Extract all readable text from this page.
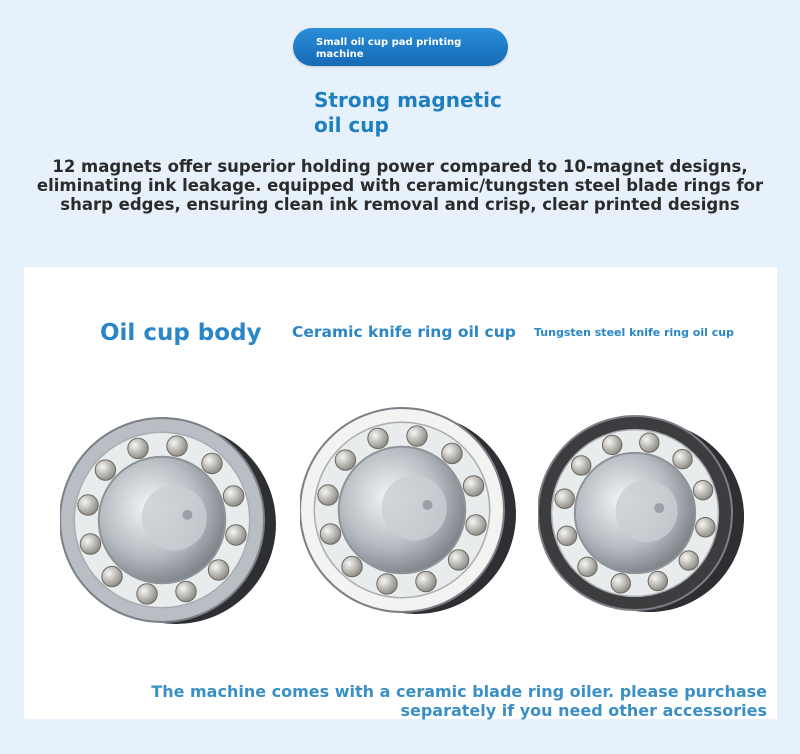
Small oil cup pad printing machine
Strong magnetic oil cup
12 magnets offer superior holding power compared to 10-magnet designs, eliminating ink leakage. equipped with ceramic/tungsten steel blade rings for sharp edges, ensuring clean ink removal and crisp, clear printed designs
Oil cup body Ceramic knife ring oil cup Tungsten steel knife ring oil cup
The machine comes with a ceramic blade ring oiler. please purchase separately if you need other accessories
